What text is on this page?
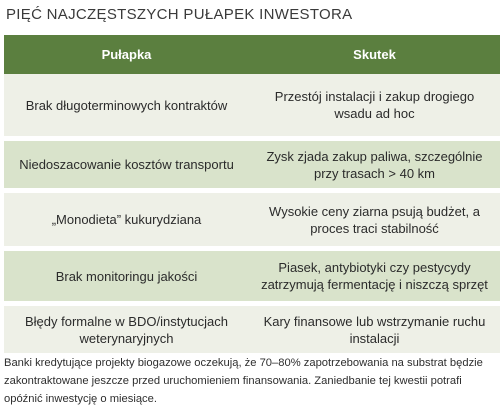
PIĘĆ NAJCZĘSTSZYCH PUŁAPEK INWESTORA
Pułapka	Skutek
Brak długoterminowych kontraktów
Przestój instalacji i zakup drogiego wsadu ad hoc
Niedoszacowanie kosztów transportu
Zysk zjada zakup paliwa, szczególnie przy trasach > 40 km
„Monodieta” kukurydziana
Wysokie ceny ziarna psują budżet, a proces traci stabilność
Brak monitoringu jakości
Piasek, antybiotyki czy pestycydy zatrzymują fermentację i niszczą sprzęt
Błędy formalne w BDO/instytucjach weterynaryjnych
Kary finansowe lub wstrzymanie ruchu instalacji
Banki kredytujące projekty biogazowe oczekują, że 70–80% zapotrzebowania na substrat będzie zakontraktowane jeszcze przed uruchomieniem finansowania. Zaniedbanie tej kwestii potrafi opóźnić inwestycję o miesiące.
